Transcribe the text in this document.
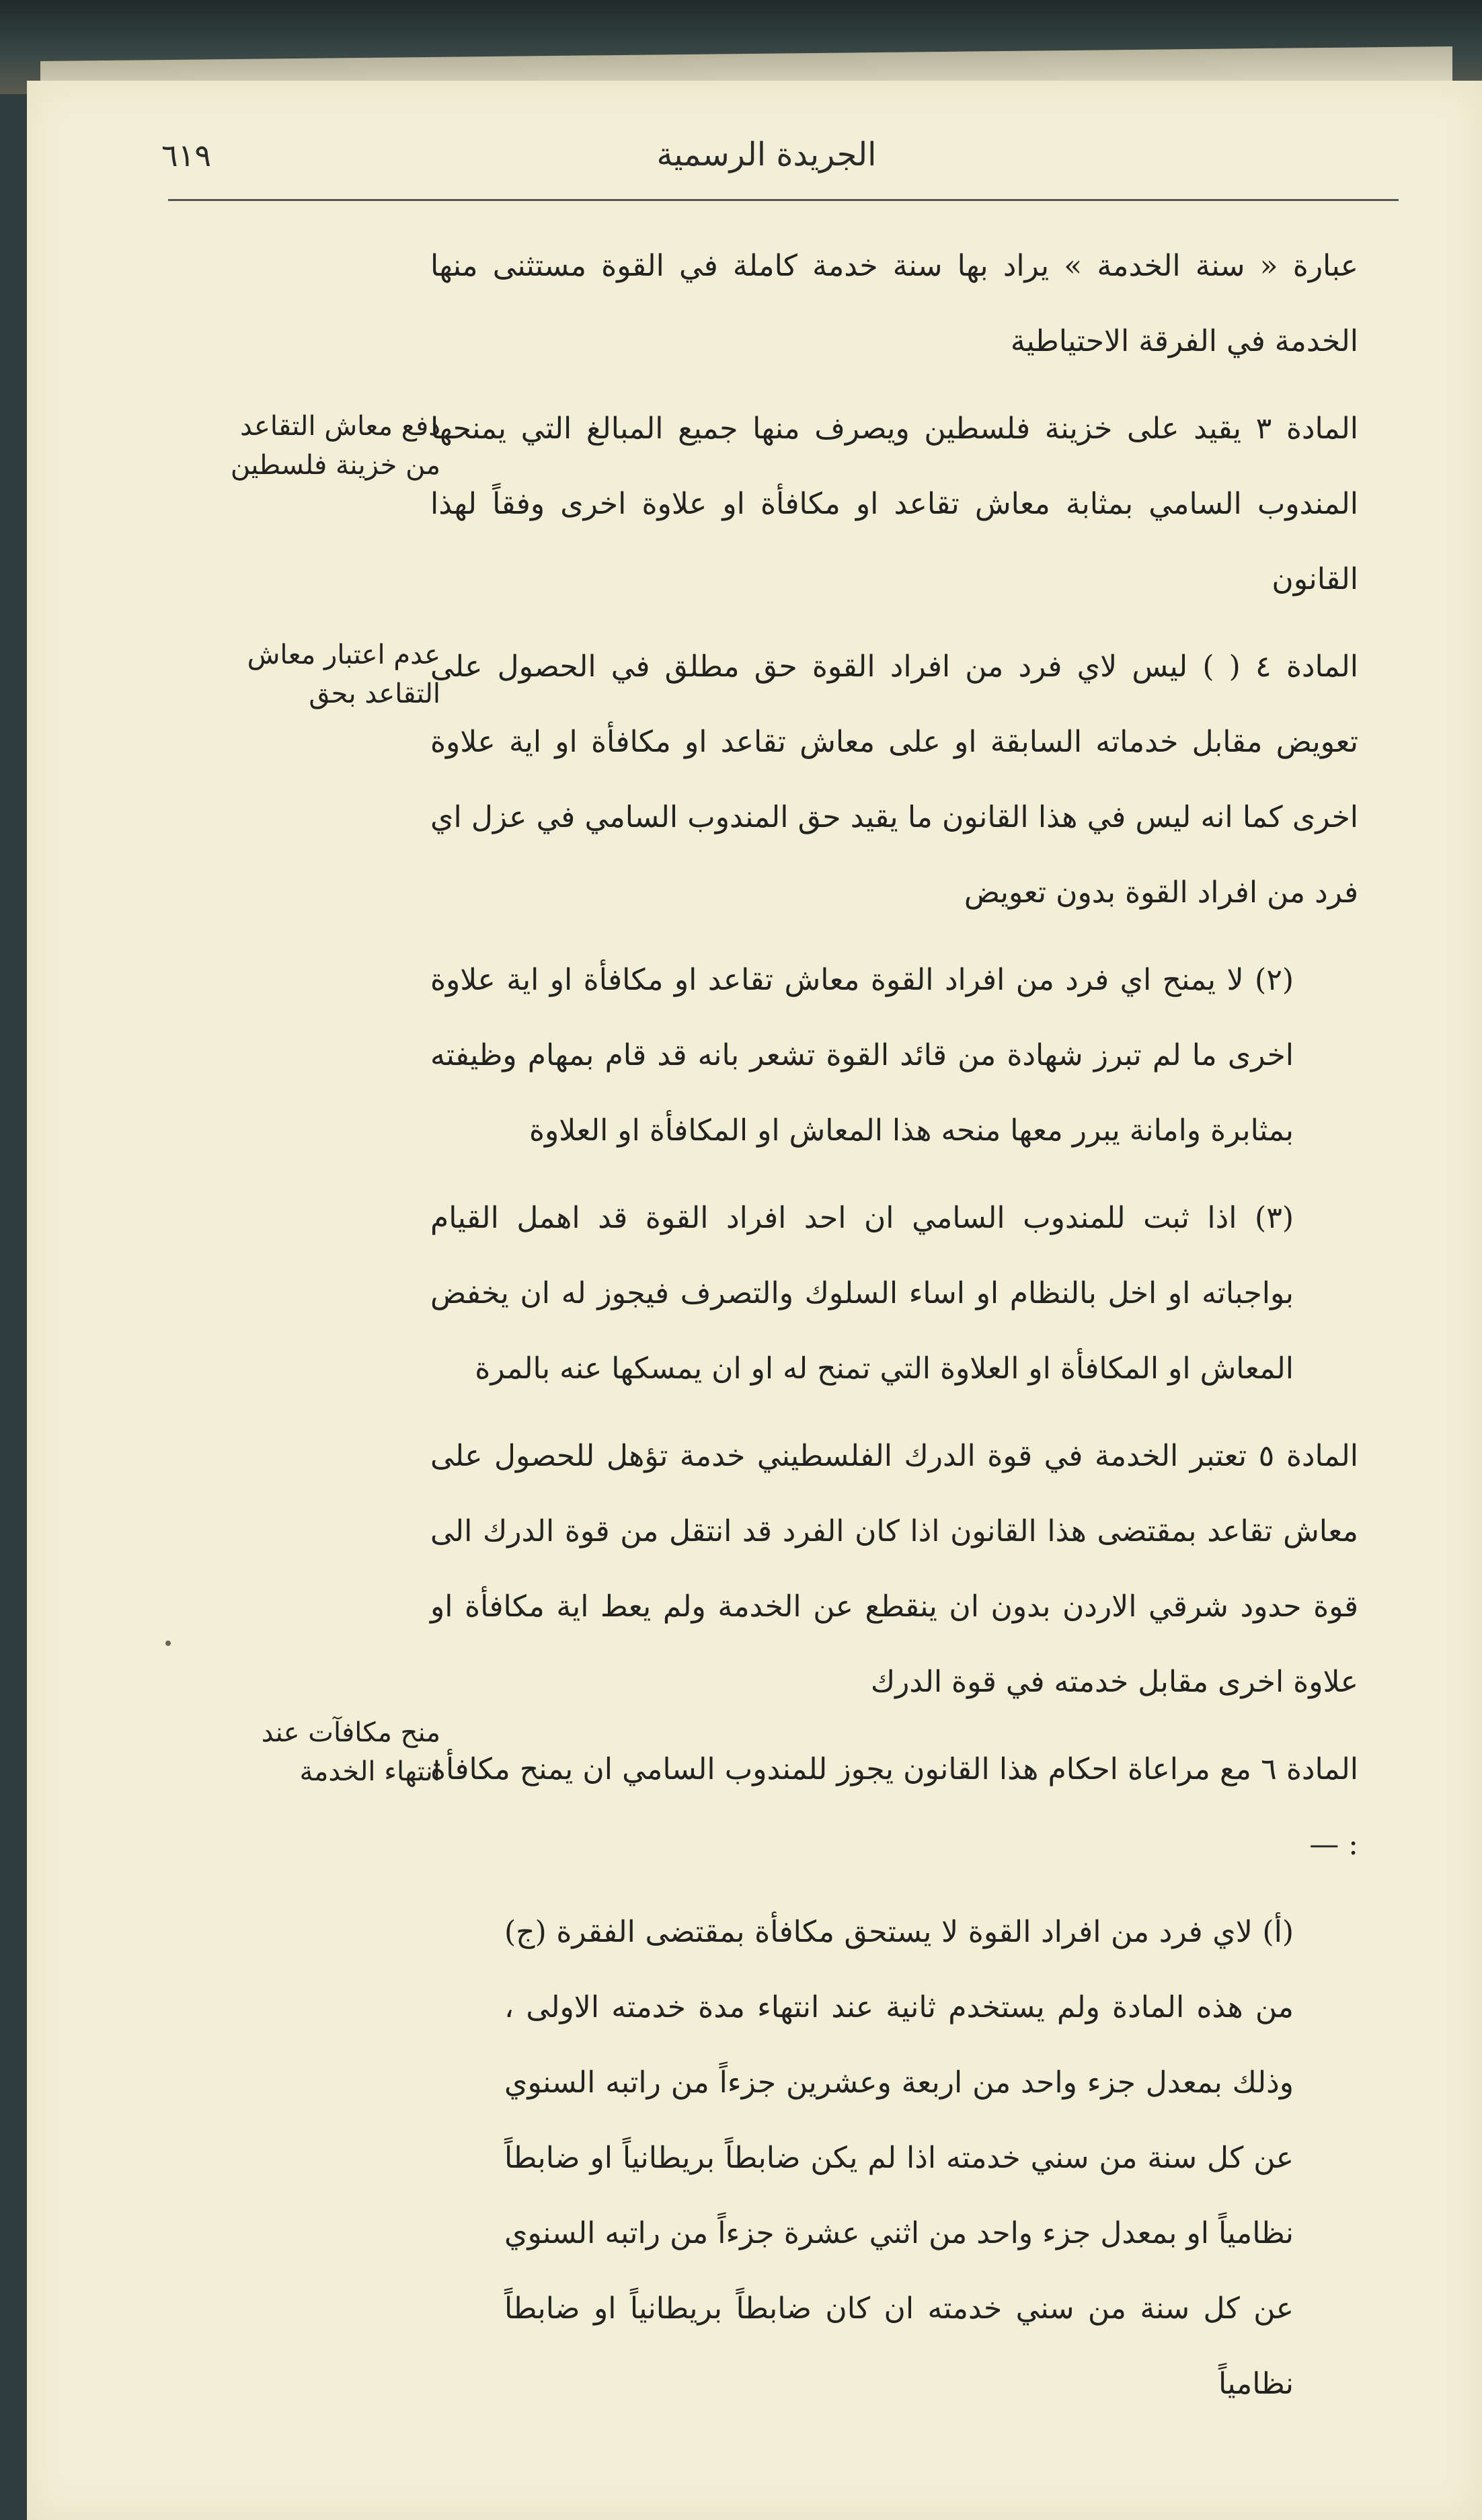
الجريدة الرسمية
٦١٩
دفع معاش التقاعد من خزينة فلسطين
عدم اعتبار معاش التقاعد بحق
منح مكافآت عند انتهاء الخدمة

عبارة « سنة الخدمة » يراد بها سنة خدمة كاملة في القوة مستثنى منها الخدمة في الفرقة الاحتياطية

المادة ٣ يقيد على خزينة فلسطين ويصرف منها جميع المبالغ التي يمنحها المندوب السامي بمثابة معاش تقاعد او مكافأة او علاوة اخرى وفقاً لهذا القانون

المادة ٤ ( ) ليس لاي فرد من افراد القوة حق مطلق في الحصول على تعويض مقابل خدماته السابقة او على معاش تقاعد او مكافأة او اية علاوة اخرى كما انه ليس في هذا القانون ما يقيد حق المندوب السامي في عزل اي فرد من افراد القوة بدون تعويض

(٢) لا يمنح اي فرد من افراد القوة معاش تقاعد او مكافأة او اية علاوة اخرى ما لم تبرز شهادة من قائد القوة تشعر بانه قد قام بمهام وظيفته بمثابرة وامانة يبرر معها منحه هذا المعاش او المكافأة او العلاوة

(٣) اذا ثبت للمندوب السامي ان احد افراد القوة قد اهمل القيام بواجباته او اخل بالنظام او اساء السلوك والتصرف فيجوز له ان يخفض المعاش او المكافأة او العلاوة التي تمنح له او ان يمسكها عنه بالمرة

المادة ٥ تعتبر الخدمة في قوة الدرك الفلسطيني خدمة تؤهل للحصول على معاش تقاعد بمقتضى هذا القانون اذا كان الفرد قد انتقل من قوة الدرك الى قوة حدود شرقي الاردن بدون ان ينقطع عن الخدمة ولم يعط اية مكافأة او علاوة اخرى مقابل خدمته في قوة الدرك

المادة ٦ مع مراعاة احكام هذا القانون يجوز للمندوب السامي ان يمنح مكافأة : —

(أ) لاي فرد من افراد القوة لا يستحق مكافأة بمقتضى الفقرة (ج) من هذه المادة ولم يستخدم ثانية عند انتهاء مدة خدمته الاولى ، وذلك بمعدل جزء واحد من اربعة وعشرين جزءاً من راتبه السنوي عن كل سنة من سني خدمته اذا لم يكن ضابطاً بريطانياً او ضابطاً نظامياً او بمعدل جزء واحد من اثني عشرة جزءاً من راتبه السنوي عن كل سنة من سني خدمته ان كان ضابطاً بريطانياً او ضابطاً نظامياً
